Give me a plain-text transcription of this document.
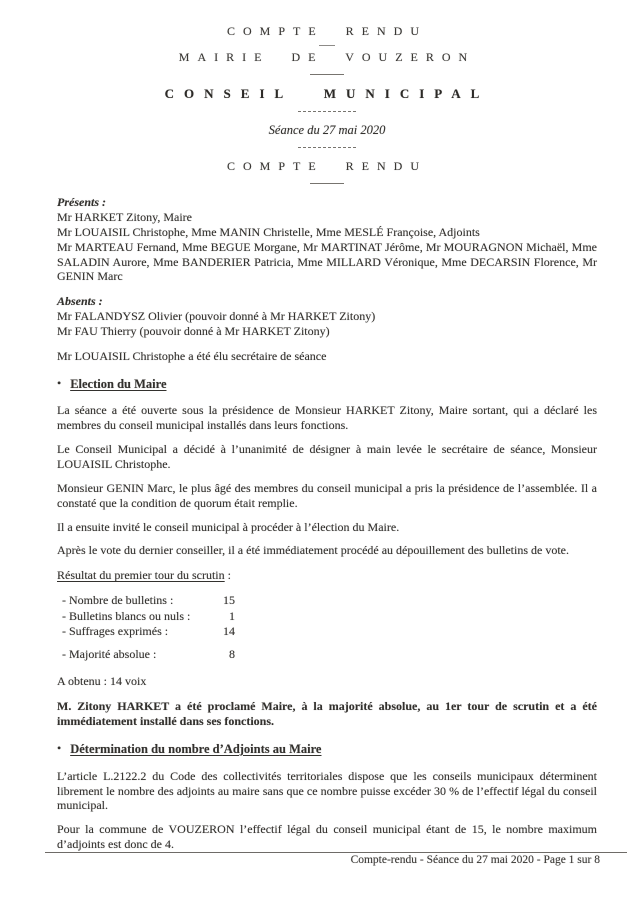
COMPTE RENDU
MAIRIE DE VOUZERON
CONSEIL MUNICIPAL
Séance du 27 mai 2020
COMPTE RENDU

Présents :

Mr HARKET Zitony, Maire

Mr LOUAISIL Christophe, Mme MANIN Christelle, Mme MESLÉ Françoise, Adjoints

Mr MARTEAU Fernand, Mme BEGUE Morgane, Mr MARTINAT Jérôme, Mr MOURAGNON Michaël, Mme SALADIN Aurore, Mme BANDERIER Patricia, Mme MILLARD Véronique, Mme DECARSIN Florence, Mr GENIN Marc

Absents :

Mr FALANDYSZ Olivier (pouvoir donné à Mr HARKET Zitony)

Mr FAU Thierry (pouvoir donné à Mr HARKET Zitony)

Mr LOUAISIL Christophe a été élu secrétaire de séance

• Election du Maire

La séance a été ouverte sous la présidence de Monsieur HARKET Zitony, Maire sortant, qui a déclaré les membres du conseil municipal installés dans leurs fonctions.

Le Conseil Municipal a décidé à l’unanimité de désigner à main levée le secrétaire de séance, Monsieur LOUAISIL Christophe.

Monsieur GENIN Marc, le plus âgé des membres du conseil municipal a pris la présidence de l’assemblée. Il a constaté que la condition de quorum était remplie.

Il a ensuite invité le conseil municipal à procéder à l’élection du Maire.

Après le vote du dernier conseiller, il a été immédiatement procédé au dépouillement des bulletins de vote.

Résultat du premier tour du scrutin :

- Nombre de bulletins :	15
- Bulletins blancs ou nuls :	1
- Suffrages exprimés :	14
- Majorité absolue :	8

A obtenu : 14 voix

M. Zitony HARKET a été proclamé Maire, à la majorité absolue, au 1er tour de scrutin et a été immédiatement installé dans ses fonctions.

• Détermination du nombre d’Adjoints au Maire

L’article L.2122.2 du Code des collectivités territoriales dispose que les conseils municipaux déterminent librement le nombre des adjoints au maire sans que ce nombre puisse excéder 30 % de l’effectif légal du conseil municipal.

Pour la commune de VOUZERON l’effectif légal du conseil municipal étant de 15, le nombre maximum d’adjoints est donc de 4.

Compte-rendu - Séance du 27 mai 2020 - Page 1 sur 8
